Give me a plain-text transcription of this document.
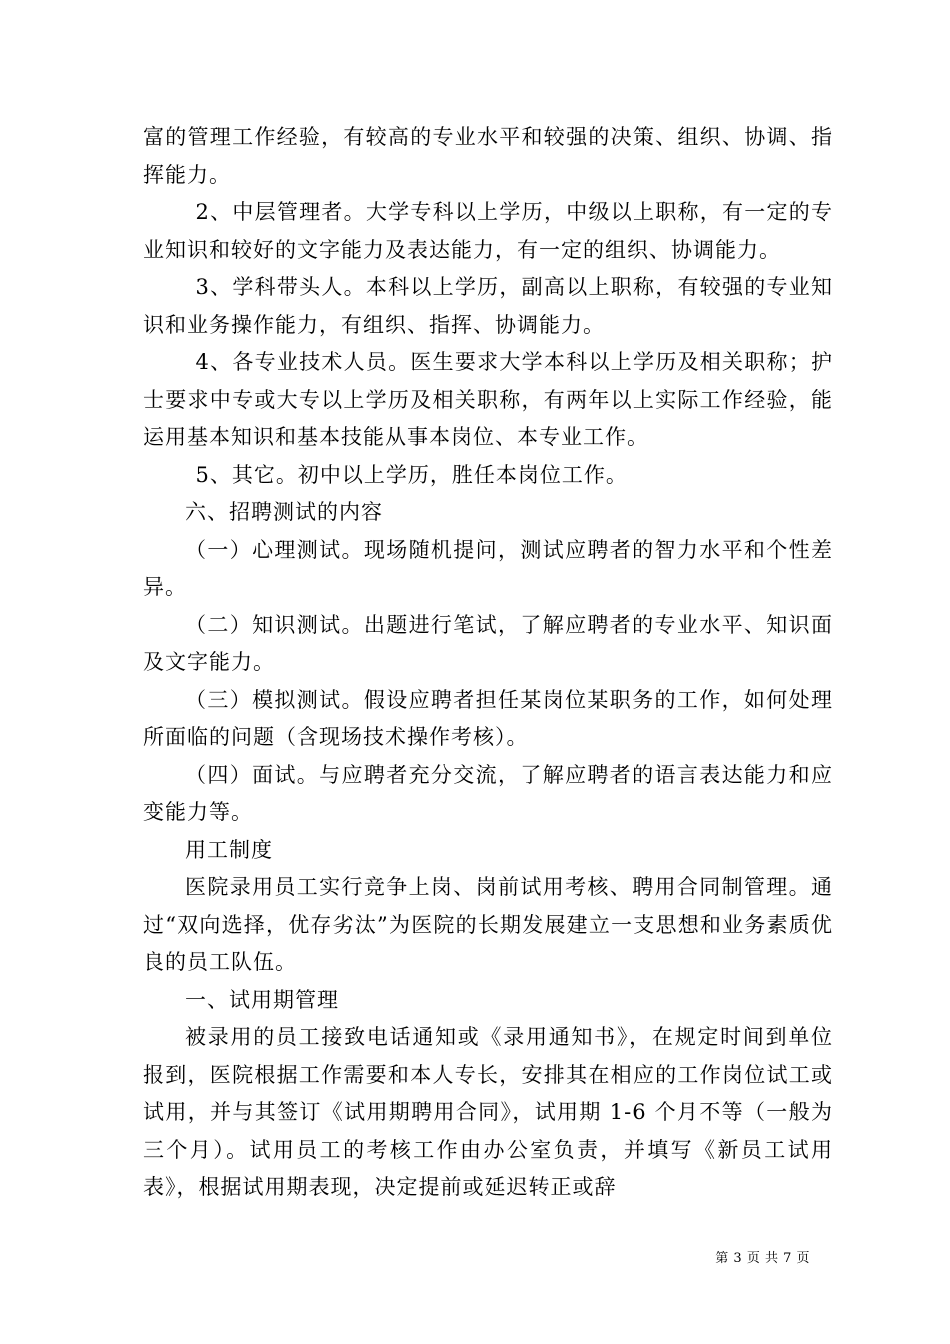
富的管理工作经验，有较高的专业水平和较强的决策、组织、协调、指挥能力。

2、中层管理者。大学专科以上学历，中级以上职称，有一定的专业知识和较好的文字能力及表达能力，有一定的组织、协调能力。

3、学科带头人。本科以上学历，副高以上职称，有较强的专业知识和业务操作能力，有组织、指挥、协调能力。

4、各专业技术人员。医生要求大学本科以上学历及相关职称；护士要求中专或大专以上学历及相关职称，有两年以上实际工作经验，能运用基本知识和基本技能从事本岗位、本专业工作。

5、其它。初中以上学历，胜任本岗位工作。

六、招聘测试的内容

（一）心理测试。现场随机提问，测试应聘者的智力水平和个性差异。

（二）知识测试。出题进行笔试，了解应聘者的专业水平、知识面及文字能力。

（三）模拟测试。假设应聘者担任某岗位某职务的工作，如何处理所面临的问题（含现场技术操作考核）。

（四）面试。与应聘者充分交流，了解应聘者的语言表达能力和应变能力等。

用工制度

医院录用员工实行竞争上岗、岗前试用考核、聘用合同制管理。通过“双向选择，优存劣汰”为医院的长期发展建立一支思想和业务素质优良的员工队伍。

一、试用期管理

被录用的员工接致电话通知或《录用通知书》，在规定时间到单位报到，医院根据工作需要和本人专长，安排其在相应的工作岗位试工或试用，并与其签订《试用期聘用合同》，试用期 1-6 个月不等（一般为三个月）。试用员工的考核工作由办公室负责，并填写《新员工试用表》，根据试用期表现，决定提前或延迟转正或辞

第 3 页 共 7 页
